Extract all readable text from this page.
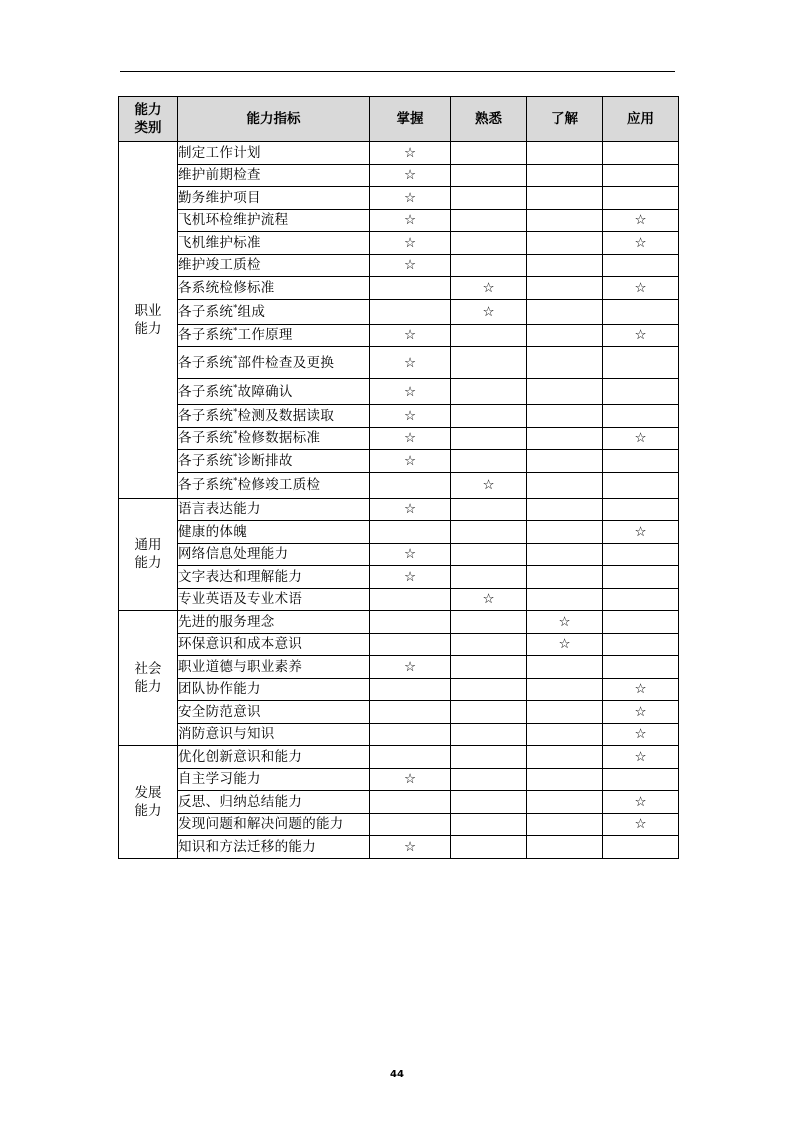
能力
类别	能力指标	掌握	熟悉	了解	应用
职业
能力	制定工作计划	☆			
	维护前期检查	☆			
	勤务维护项目	☆			
	飞机环检维护流程	☆			☆
	飞机维护标准	☆			☆
	维护竣工质检	☆			
	各系统检修标准		☆		☆
	各子系统*组成		☆		
	各子系统*工作原理	☆			☆
	各子系统*部件检查及更换	☆			
	各子系统*故障确认	☆			
	各子系统*检测及数据读取	☆			
	各子系统*检修数据标准	☆			☆
	各子系统*诊断排故	☆			
	各子系统*检修竣工质检		☆		
通用
能力	语言表达能力	☆			
	健康的体魄				☆
	网络信息处理能力	☆			
	文字表达和理解能力	☆			
	专业英语及专业术语		☆		
社会
能力	先进的服务理念			☆	
	环保意识和成本意识			☆	
	职业道德与职业素养	☆			
	团队协作能力				☆
	安全防范意识				☆
	消防意识与知识				☆
发展
能力	优化创新意识和能力				☆
	自主学习能力	☆			
	反思、归纳总结能力				☆
	发现问题和解决问题的能力				☆
	知识和方法迁移的能力	☆			
44
